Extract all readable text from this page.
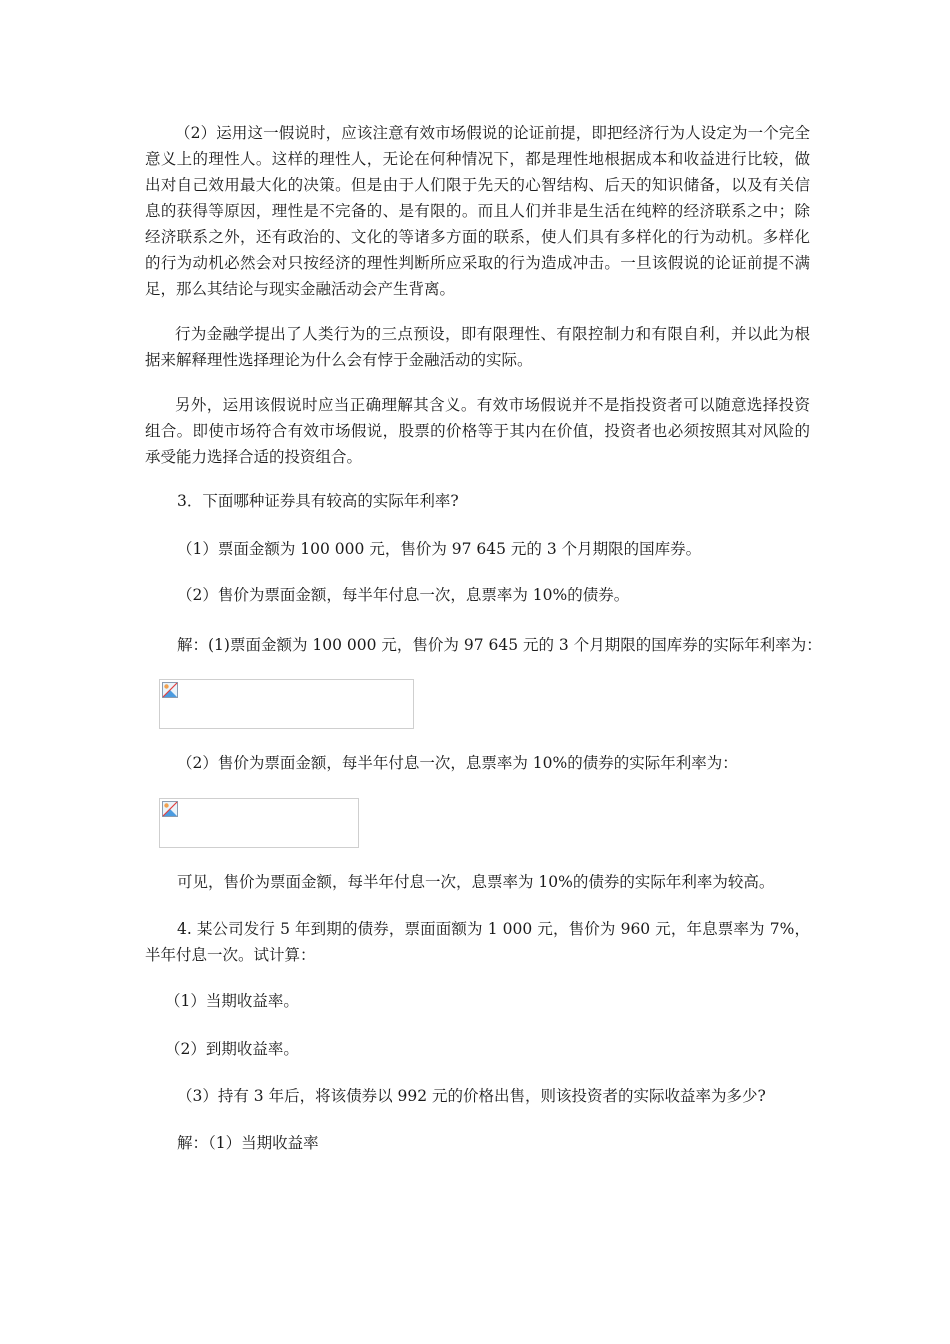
（2）运用这一假说时，应该注意有效市场假说的论证前提，即把经济行为人设定为一个完全意义上的理性人。这样的理性人，无论在何种情况下，都是理性地根据成本和收益进行比较，做出对自己效用最大化的决策。但是由于人们限于先天的心智结构、后天的知识储备，以及有关信息的获得等原因，理性是不完备的、是有限的。而且人们并非是生活在纯粹的经济联系之中；除经济联系之外，还有政治的、文化的等诸多方面的联系，使人们具有多样化的行为动机。多样化的行为动机必然会对只按经济的理性判断所应采取的行为造成冲击。一旦该假说的论证前提不满足，那么其结论与现实金融活动会产生背离。

行为金融学提出了人类行为的三点预设，即有限理性、有限控制力和有限自利，并以此为根据来解释理性选择理论为什么会有悖于金融活动的实际。

另外，运用该假说时应当正确理解其含义。有效市场假说并不是指投资者可以随意选择投资组合。即使市场符合有效市场假说，股票的价格等于其内在价值，投资者也必须按照其对风险的承受能力选择合适的投资组合。

3．下面哪种证券具有较高的实际年利率?

（1）票面金额为 100 000 元，售价为 97 645 元的 3 个月期限的国库券。

（2）售价为票面金额，每半年付息一次，息票率为 10%的债券。

解：(1)票面金额为 100 000 元，售价为 97 645 元的 3 个月期限的国库券的实际年利率为：

（2）售价为票面金额，每半年付息一次，息票率为 10%的债券的实际年利率为：

可见，售价为票面金额，每半年付息一次，息票率为 10%的债券的实际年利率为较高。

4. 某公司发行 5 年到期的债券，票面面额为 1 000 元，售价为 960 元，年息票率为 7%，半年付息一次。试计算：

（1）当期收益率。

（2）到期收益率。

（3）持有 3 年后，将该债券以 992 元的价格出售，则该投资者的实际收益率为多少?

解：（1）当期收益率
